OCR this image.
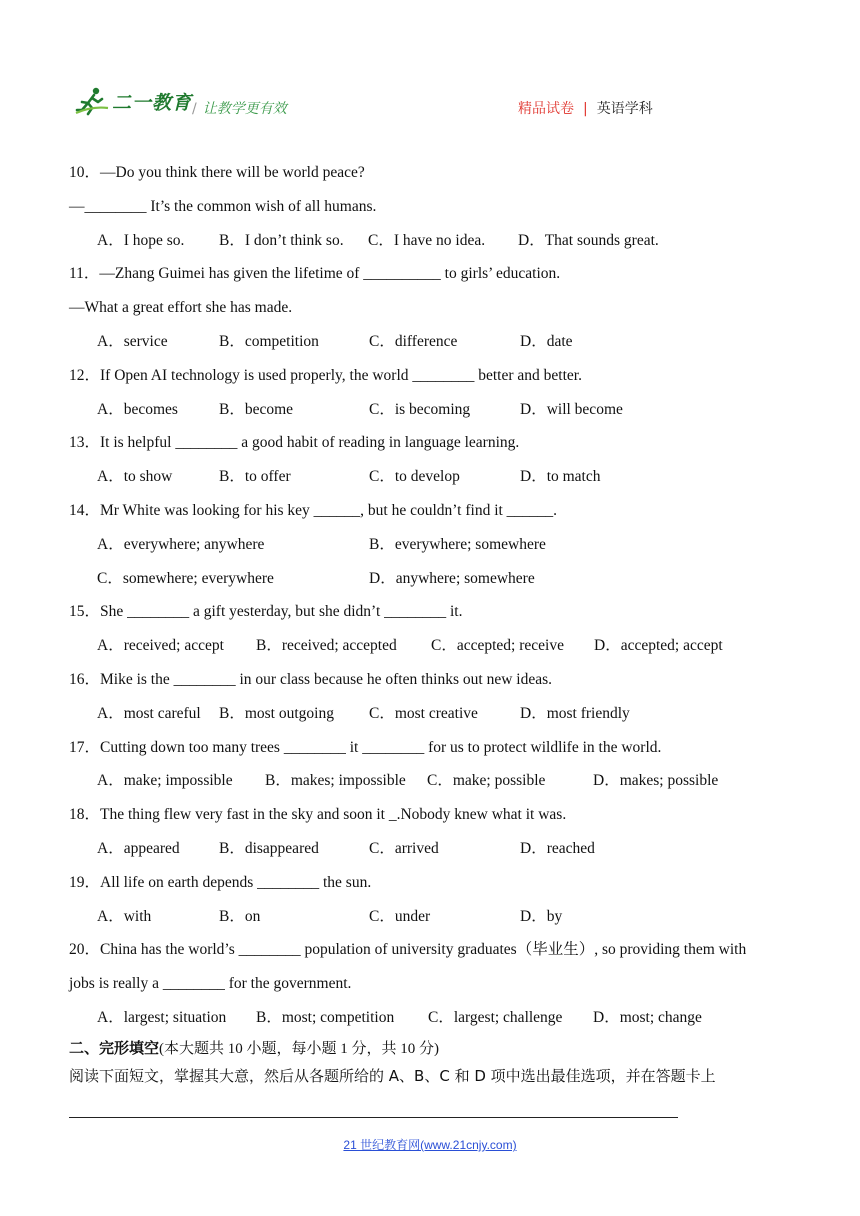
二一教育 / 让教学更有效	精品试卷 | 英语学科
10．—Do you think there will be world peace?
—________ It’s the common wish of all humans.
A．I hope so. B．I don’t think so. C．I have no idea. D．That sounds great.
11．—Zhang Guimei has given the lifetime of __________ to girls’ education.
—What a great effort she has made.
A．service	B．competition	C．difference	D．date
12．If Open AI technology is used properly, the world ________ better and better.
A．becomes	B．become	C．is becoming	D．will become
13．It is helpful ________ a good habit of reading in language learning.
A．to show	B．to offer	C．to develop	D．to match
14．Mr White was looking for his key ______, but he couldn’t find it ______.
A．everywhere; anywhere	B．everywhere; somewhere
C．somewhere; everywhere	D．anywhere; somewhere
15．She ________ a gift yesterday, but she didn’t ________ it.
A．received; accept B．received; accepted C．accepted; receive D．accepted; accept
16．Mike is the ________ in our class because he often thinks out new ideas.
A．most careful B．most outgoing C．most creative	D．most friendly
17．Cutting down too many trees ________ it ________ for us to protect wildlife in the world.
A．make; impossible B．makes; impossible C．make; possible	D．makes; possible
18．The thing flew very fast in the sky and soon it _.Nobody knew what it was.
A．appeared	B．disappeared	C．arrived	D．reached
19．All life on earth depends ________ the sun.
A．with	B．on	C．under	D．by
20．China has the world’s ________ population of university graduates（毕业生）, so providing them with
jobs is really a ________ for the government.
A．largest; situation B．most; competition C．largest; challenge D．most; change
二、完形填空(本大题共 10 小题，每小题 1 分，共 10 分)
阅读下面短文，掌握其大意，然后从各题所给的 A、B、C 和 D 项中选出最佳选项，并在答题卡上
21 世纪教育网(www.21cnjy.com)
